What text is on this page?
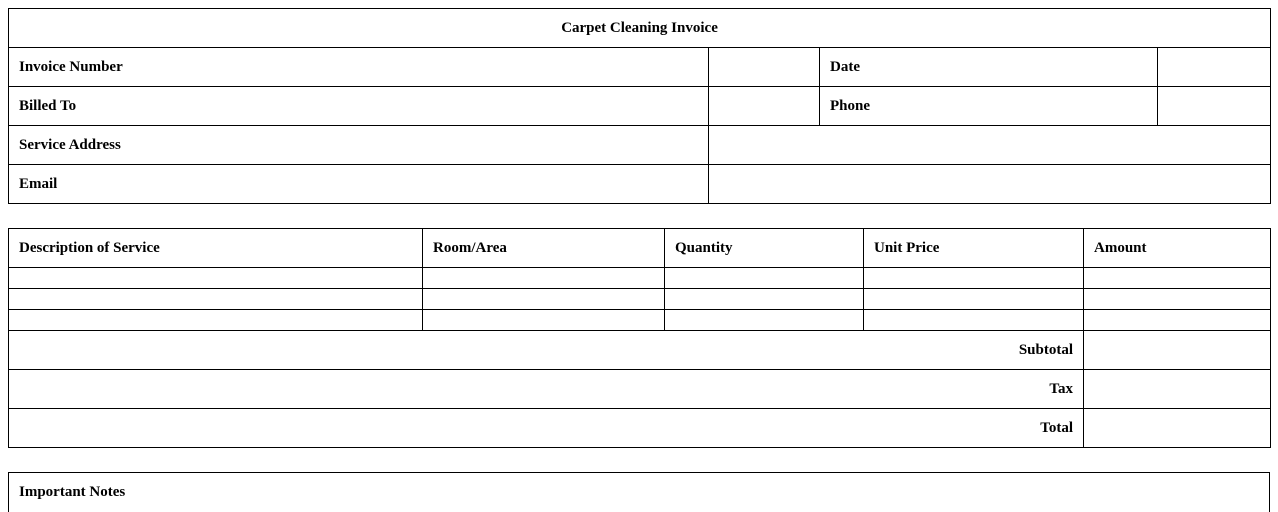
Carpet Cleaning Invoice			
Invoice Number		Date	
Billed To		Phone	
Service Address			
Email			
Description of Service	Room/Area	Quantity	Unit Price	Amount

Subtotal				
Tax				
Total				
Important Notes
